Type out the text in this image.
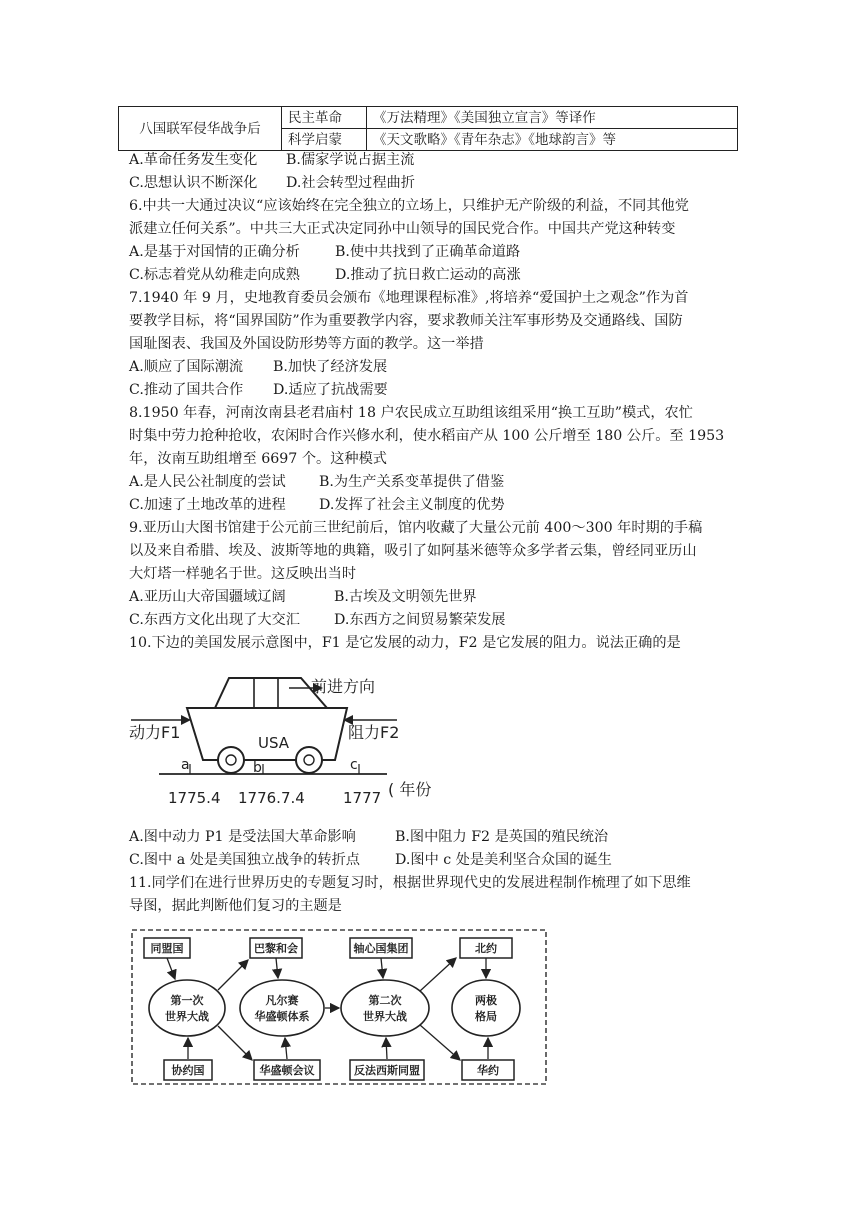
八国联军侵华战争后	民主革命	《万法精理》《美国独立宣言》等译作
	科学启蒙	《天文歌略》《青年杂志》《地球韵言》等
A.革命任务发生变化 B.儒家学说占据主流
C.思想认识不断深化 D.社会转型过程曲折
6.中共一大通过决议“应该始终在完全独立的立场上，只维护无产阶级的利益，不同其他党
派建立任何关系”。中共三大正式决定同孙中山领导的国民党合作。中国共产党这种转变
A.是基于对国情的正确分析 B.使中共找到了正确革命道路
C.标志着党从幼稚走向成熟 D.推动了抗日救亡运动的高涨
7.1940 年 9 月，史地教育委员会颁布《地理课程标准》,将培养“爱国护土之观念”作为首
要教学目标，将“国界国防”作为重要教学内容，要求教师关注军事形势及交通路线、国防
国耻图表、我国及外国设防形势等方面的教学。这一举措
A.顺应了国际潮流 B.加快了经济发展
C.推动了国共合作 D.适应了抗战需要
8.1950 年春，河南汝南县老君庙村 18 户农民成立互助组该组采用“换工互助”模式，农忙
时集中劳力抢种抢收，农闲时合作兴修水利，使水稻亩产从 100 公斤增至 180 公斤。至 1953
年，汝南互助组增至 6697 个。这种模式
A.是人民公社制度的尝试 B.为生产关系变革提供了借鉴
C.加速了土地改革的进程 D.发挥了社会主义制度的优势
9.亚历山大图书馆建于公元前三世纪前后，馆内收藏了大量公元前 400～300 年时期的手稿
以及来自希腊、埃及、波斯等地的典籍，吸引了如阿基米德等众多学者云集，曾经同亚历山
大灯塔一样驰名于世。这反映出当时
A.亚历山大帝国疆域辽阔	B.古埃及文明领先世界
C.东西方文化出现了大交汇 D.东西方之间贸易繁荣发展
10.下边的美国发展示意图中，F1 是它发展的动力，F2 是它发展的阻力。说法正确的是
USA
前进方向
动力F1	阻力F2
a	b	c
1775.4 1776.7.4	1777 ( 年份
A.图中动力 P1 是受法国大革命影响	B.图中阻力 F2 是英国的殖民统治
C.图中 a 处是美国独立战争的转折点 D.图中 c 处是美利坚合众国的诞生
11.同学们在进行世界历史的专题复习时，根据世界现代史的发展进程制作梳理了如下思维
导图，据此判断他们复习的主题是
同盟国	巴黎和会	轴心国集团	北约
协约国	华盛顿会议	反法西斯同盟	华约
第一次
世界大战
凡尔赛
华盛顿体系
第二次
世界大战
两极
格局
